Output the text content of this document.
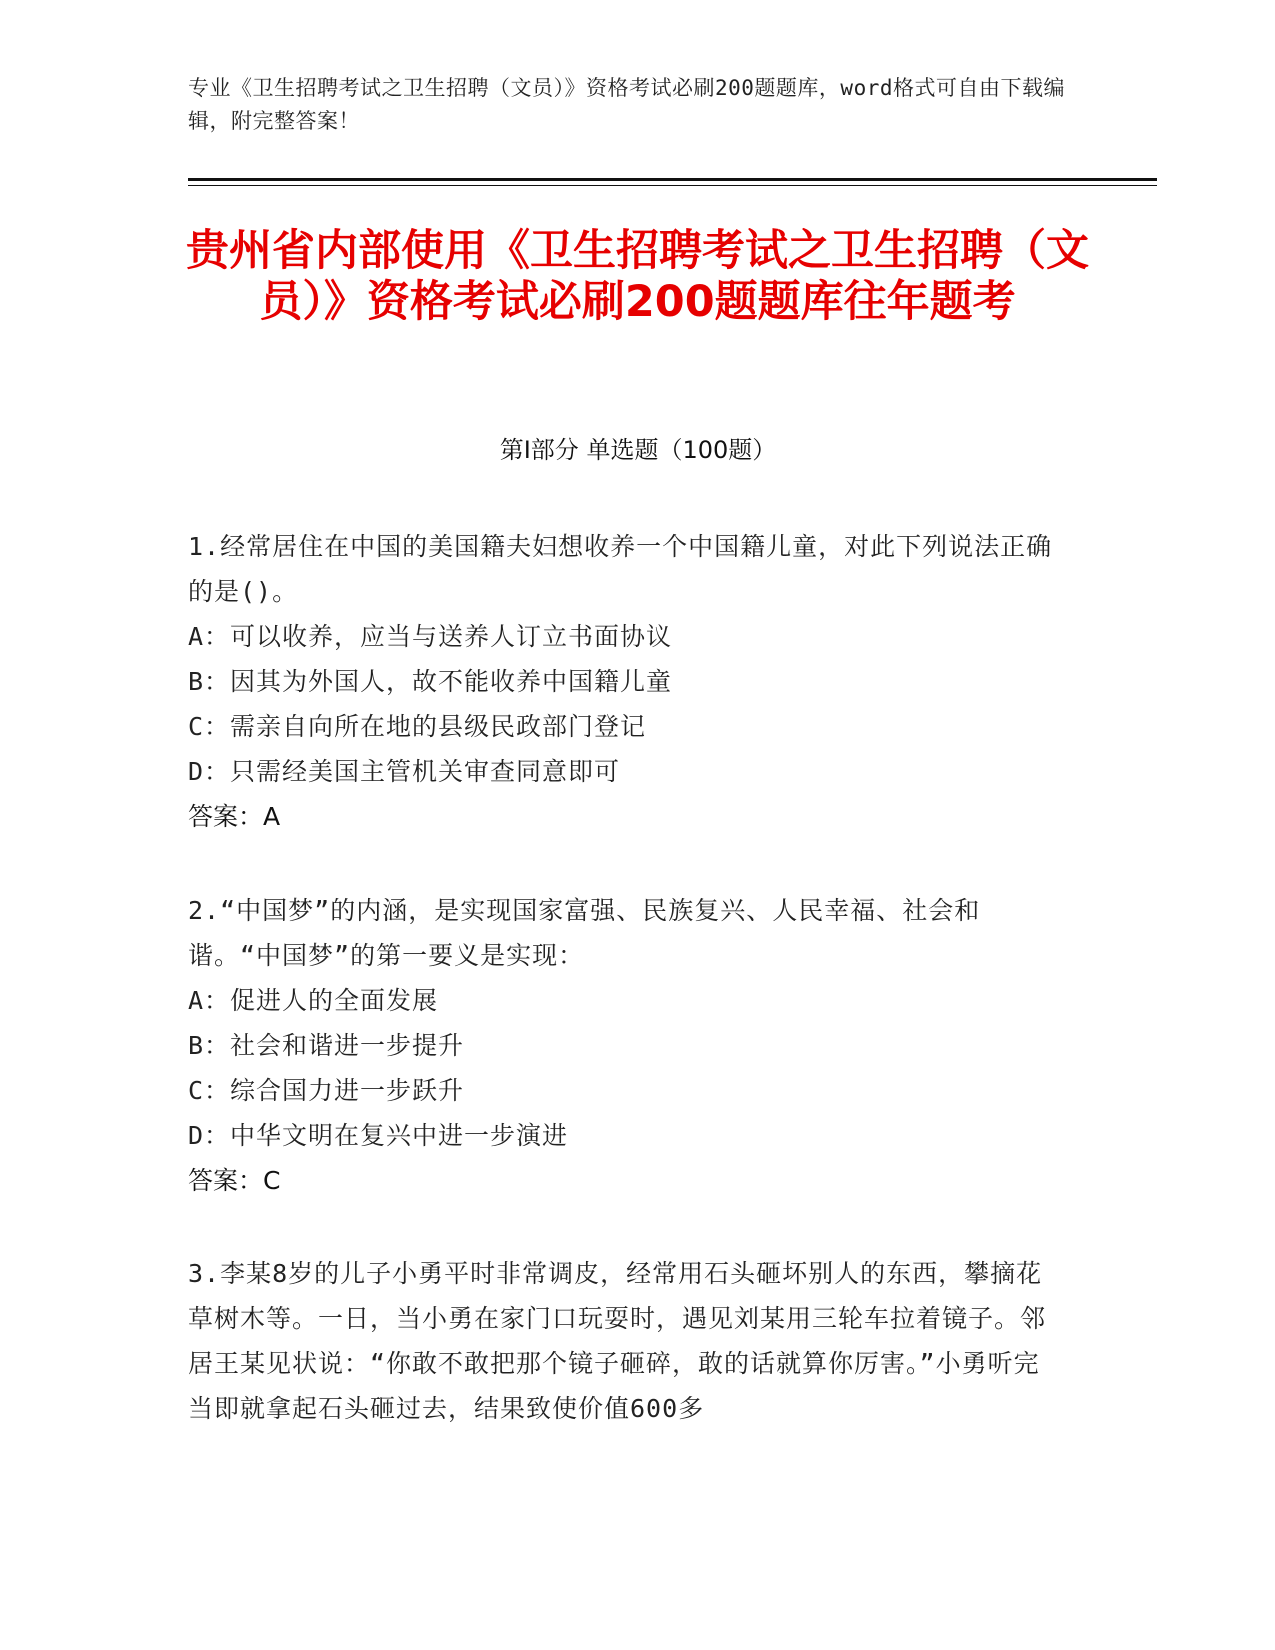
专业《卫生招聘考试之卫生招聘（文员）》资格考试必刷200题题库，word格式可自由下载编辑，附完整答案！
贵州省内部使用《卫生招聘考试之卫生招聘（文员）》资格考试必刷200题题库往年题考
第Ⅰ部分 单选题（100题）

1.经常居住在中国的美国籍夫妇想收养一个中国籍儿童，对此下列说法正确的是()。

A：可以收养，应当与送养人订立书面协议

B：因其为外国人，故不能收养中国籍儿童

C：需亲自向所在地的县级民政部门登记

D：只需经美国主管机关审查同意即可

答案：A

2.“中国梦”的内涵，是实现国家富强、民族复兴、人民幸福、社会和谐。“中国梦”的第一要义是实现：

A：促进人的全面发展

B：社会和谐进一步提升

C：综合国力进一步跃升

D：中华文明在复兴中进一步演进

答案：C

3.李某8岁的儿子小勇平时非常调皮，经常用石头砸坏别人的东西，攀摘花草树木等。一日，当小勇在家门口玩耍时，遇见刘某用三轮车拉着镜子。邻居王某见状说：“你敢不敢把那个镜子砸碎，敢的话就算你厉害。”小勇听完当即就拿起石头砸过去，结果致使价值600多
